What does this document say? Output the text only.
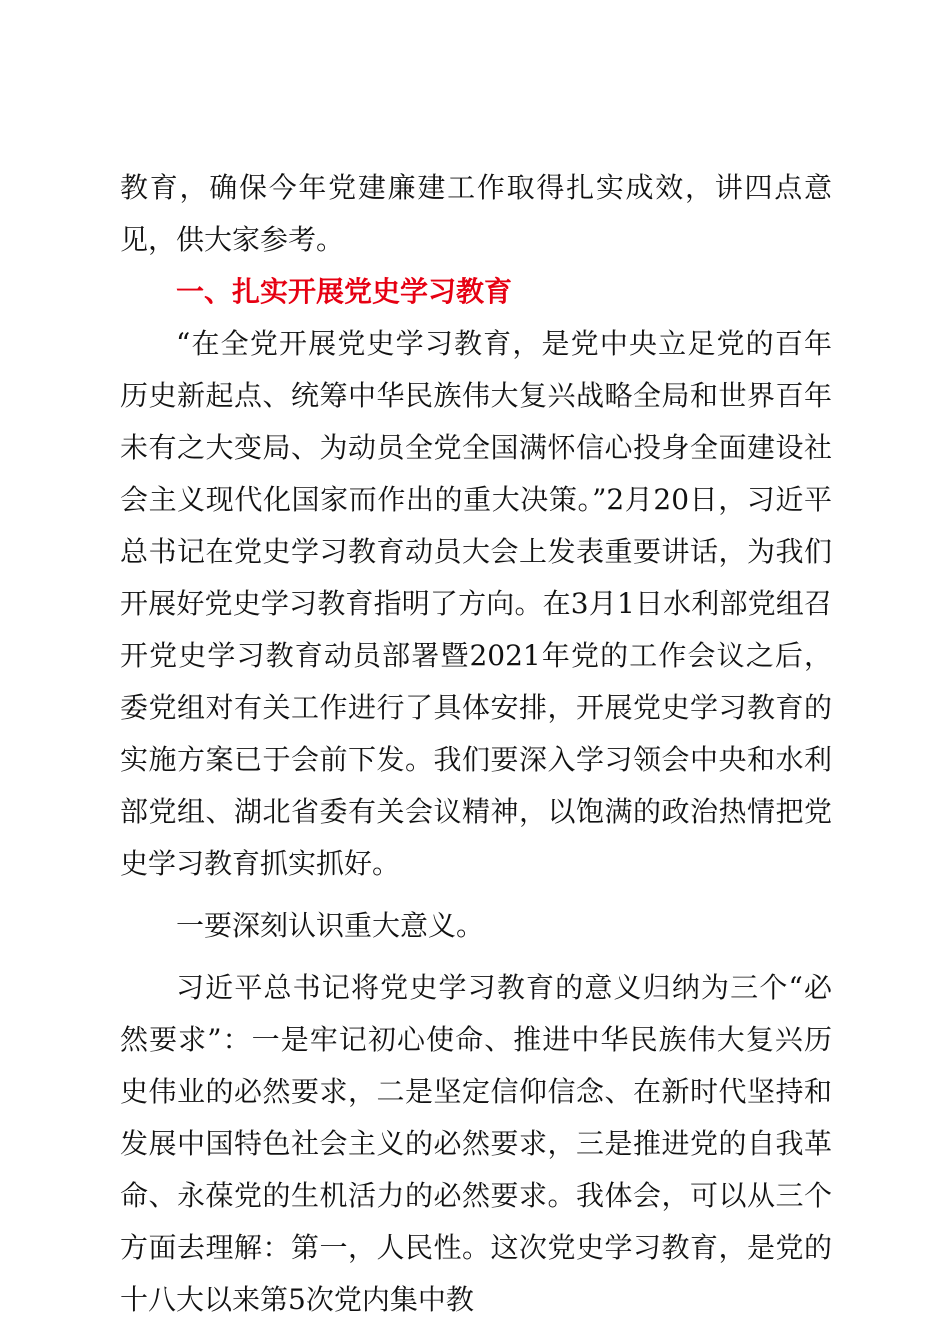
教育，确保今年党建廉建工作取得扎实成效，讲四点意见，供大家参考。

一、扎实开展党史学习教育

“在全党开展党史学习教育，是党中央立足党的百年历史新起点、统筹中华民族伟大复兴战略全局和世界百年未有之大变局、为动员全党全国满怀信心投身全面建设社会主义现代化国家而作出的重大决策。”2月20日，习近平总书记在党史学习教育动员大会上发表重要讲话，为我们开展好党史学习教育指明了方向。在3月1日水利部党组召开党史学习教育动员部署暨2021年党的工作会议之后，委党组对有关工作进行了具体安排，开展党史学习教育的实施方案已于会前下发。我们要深入学习领会中央和水利部党组、湖北省委有关会议精神，以饱满的政治热情把党史学习教育抓实抓好。

一要深刻认识重大意义。

习近平总书记将党史学习教育的意义归纳为三个“必然要求”：一是牢记初心使命、推进中华民族伟大复兴历史伟业的必然要求，二是坚定信仰信念、在新时代坚持和发展中国特色社会主义的必然要求，三是推进党的自我革命、永葆党的生机活力的必然要求。我体会，可以从三个方面去理解：第一，人民性。这次党史学习教育，是党的十八大以来第5次党内集中教
